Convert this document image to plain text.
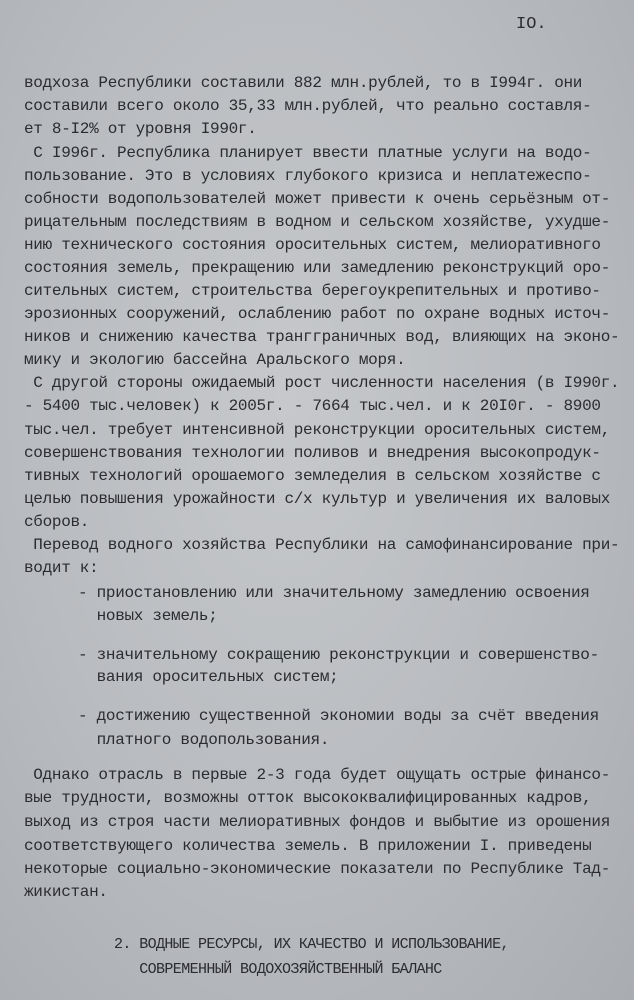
IO.
водхоза Республики составили 882 млн.рублей, то в I994г. они
составили всего около 35,33 млн.рублей, что реально составля-
ет 8-I2% от уровня I990г.
С I996г. Республика планирует ввести платные услуги на водо-
пользование. Это в условиях глубокого кризиса и неплатежеспо-
собности водопользователей может привести к очень серьёзным от-
рицательным последствиям в водном и сельском хозяйстве, ухудше-
нию технического состояния оросительных систем, мелиоративного
состояния земель, прекращению или замедлению реконструкций оро-
сительных систем, строительства берегоукрепительных и противо-
эрозионных сооружений, ослаблению работ по охране водных источ-
ников и снижению качества трангграничных вод, влияющих на эконо-
мику и экологию бассейна Аральского моря.
С другой стороны ожидаемый рост численности населения (в I990г.
- 5400 тыс.человек) к 2005г. - 7664 тыс.чел. и к 20I0г. - 8900
тыс.чел. требует интенсивной реконструкции оросительных систем,
совершенствования технологии поливов и внедрения высокопродук-
тивных технологий орошаемого земледелия в сельском хозяйстве с
целью повышения урожайности с/х культур и увеличения их валовых
сборов.
Перевод водного хозяйства Республики на самофинансирование при-
водит к:
- приостановлению или значительному замедлению освоения
новых земель;
- значительному сокращению реконструкции и совершенство-
вания оросительных систем;
- достижению существенной экономии воды за счёт введения
платного водопользования.
Однако отрасль в первые 2-3 года будет ощущать острые финансо-
вые трудности, возможны отток высококвалифицированных кадров,
выход из строя части мелиоративных фондов и выбытие из орошения
соответствующего количества земель. В приложении I. приведены
некоторые социально-экономические показатели по Республике Тад-
жикистан.
2. ВОДНЫЕ РЕСУРСЫ, ИХ КАЧЕСТВО И ИСПОЛЬЗОВАНИЕ,
СОВРЕМЕННЫЙ ВОДОХОЗЯЙСТВЕННЫЙ БАЛАНС
